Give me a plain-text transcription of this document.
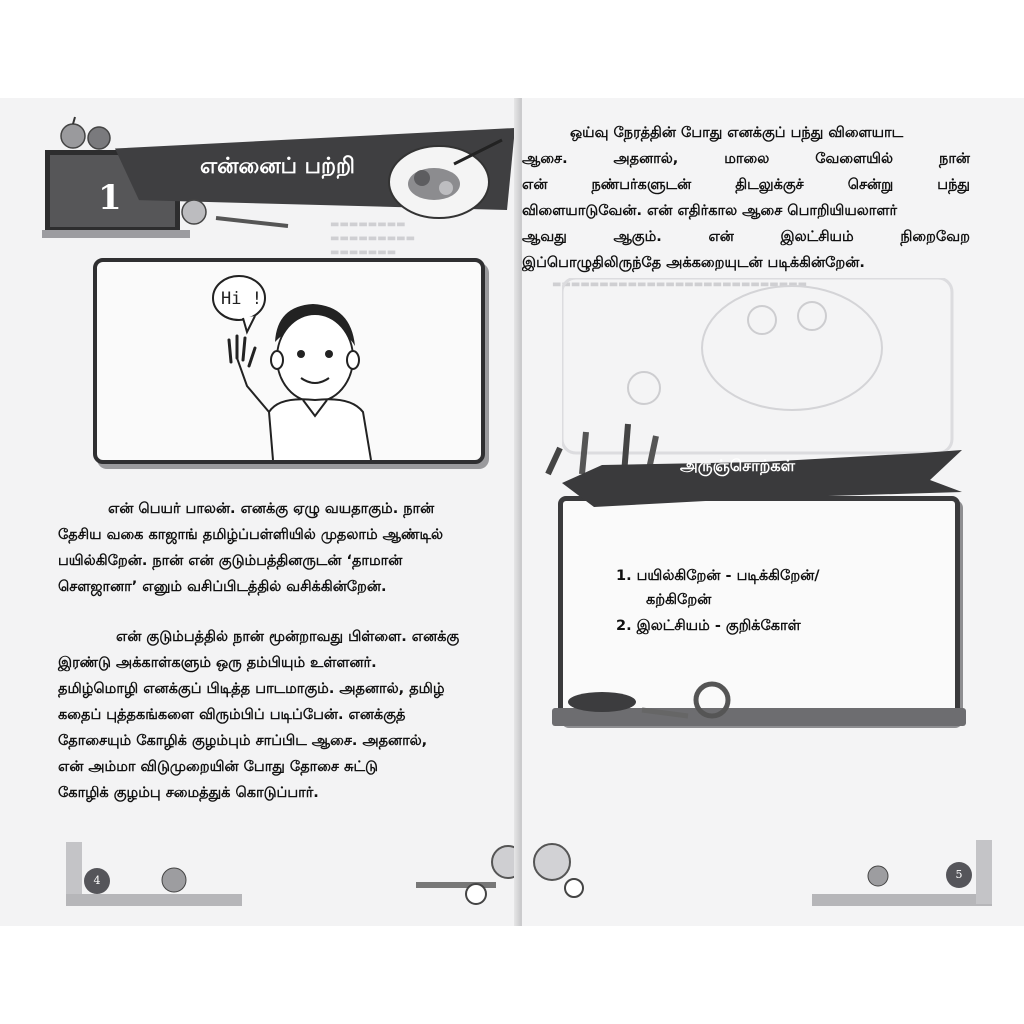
▬▬▬▬▬▬▬▬
▬▬▬▬▬▬▬▬▬
▬▬▬▬▬▬▬

1
என்னைப் பற்றி
Hi !
என் பெயர் பாலன். எனக்கு ஏழு வயதாகும். நான்
தேசிய வகை காஜாங் தமிழ்ப்பள்ளியில் முதலாம் ஆண்டில்
பயில்கிறேன். நான் என் குடும்பத்தினருடன் ‘தாமான்
செளஜானா’ எனும் வசிப்பிடத்தில் வசிக்கின்றேன்.
என் குடும்பத்தில் நான் மூன்றாவது பிள்ளை. எனக்கு
இரண்டு அக்காள்களும் ஒரு தம்பியும் உள்ளனர்.
தமிழ்மொழி எனக்குப் பிடித்த பாடமாகும். அதனால், தமிழ்
கதைப் புத்தகங்களை விரும்பிப் படிப்பேன். எனக்குத்
தோசையும் கோழிக் குழம்பும் சாப்பிட ஆசை. அதனால்,
என் அம்மா விடுமுறையின் போது தோசை சுட்டு
கோழிக் குழம்பு சமைத்துக் கொடுப்பார்.
4
▬▬▬▬▬▬▬▬▬▬▬▬▬▬▬▬▬▬▬▬▬▬▬▬▬▬▬
ஒய்வு நேரத்தின் போது எனக்குப் பந்து விளையாட
ஆசை.	அதனால்,	மாலை	வேளையில்	நான்
என்	நண்பர்களுடன்	திடலுக்குச்	சென்று	பந்து
விளையாடுவேன். என் எதிர்கால ஆசை பொறியியலாளர்
ஆவது	ஆகும்.	என்	இலட்சியம்	நிறைவேற
இப்பொழுதிலிருந்தே அக்கறையுடன் படிக்கின்றேன்.
அருஞ்சொற்கள்
1. பயில்கிறேன் - படிக்கிறேன்/
கற்கிறேன்
2. இலட்சியம் - குறிக்கோள்
5
